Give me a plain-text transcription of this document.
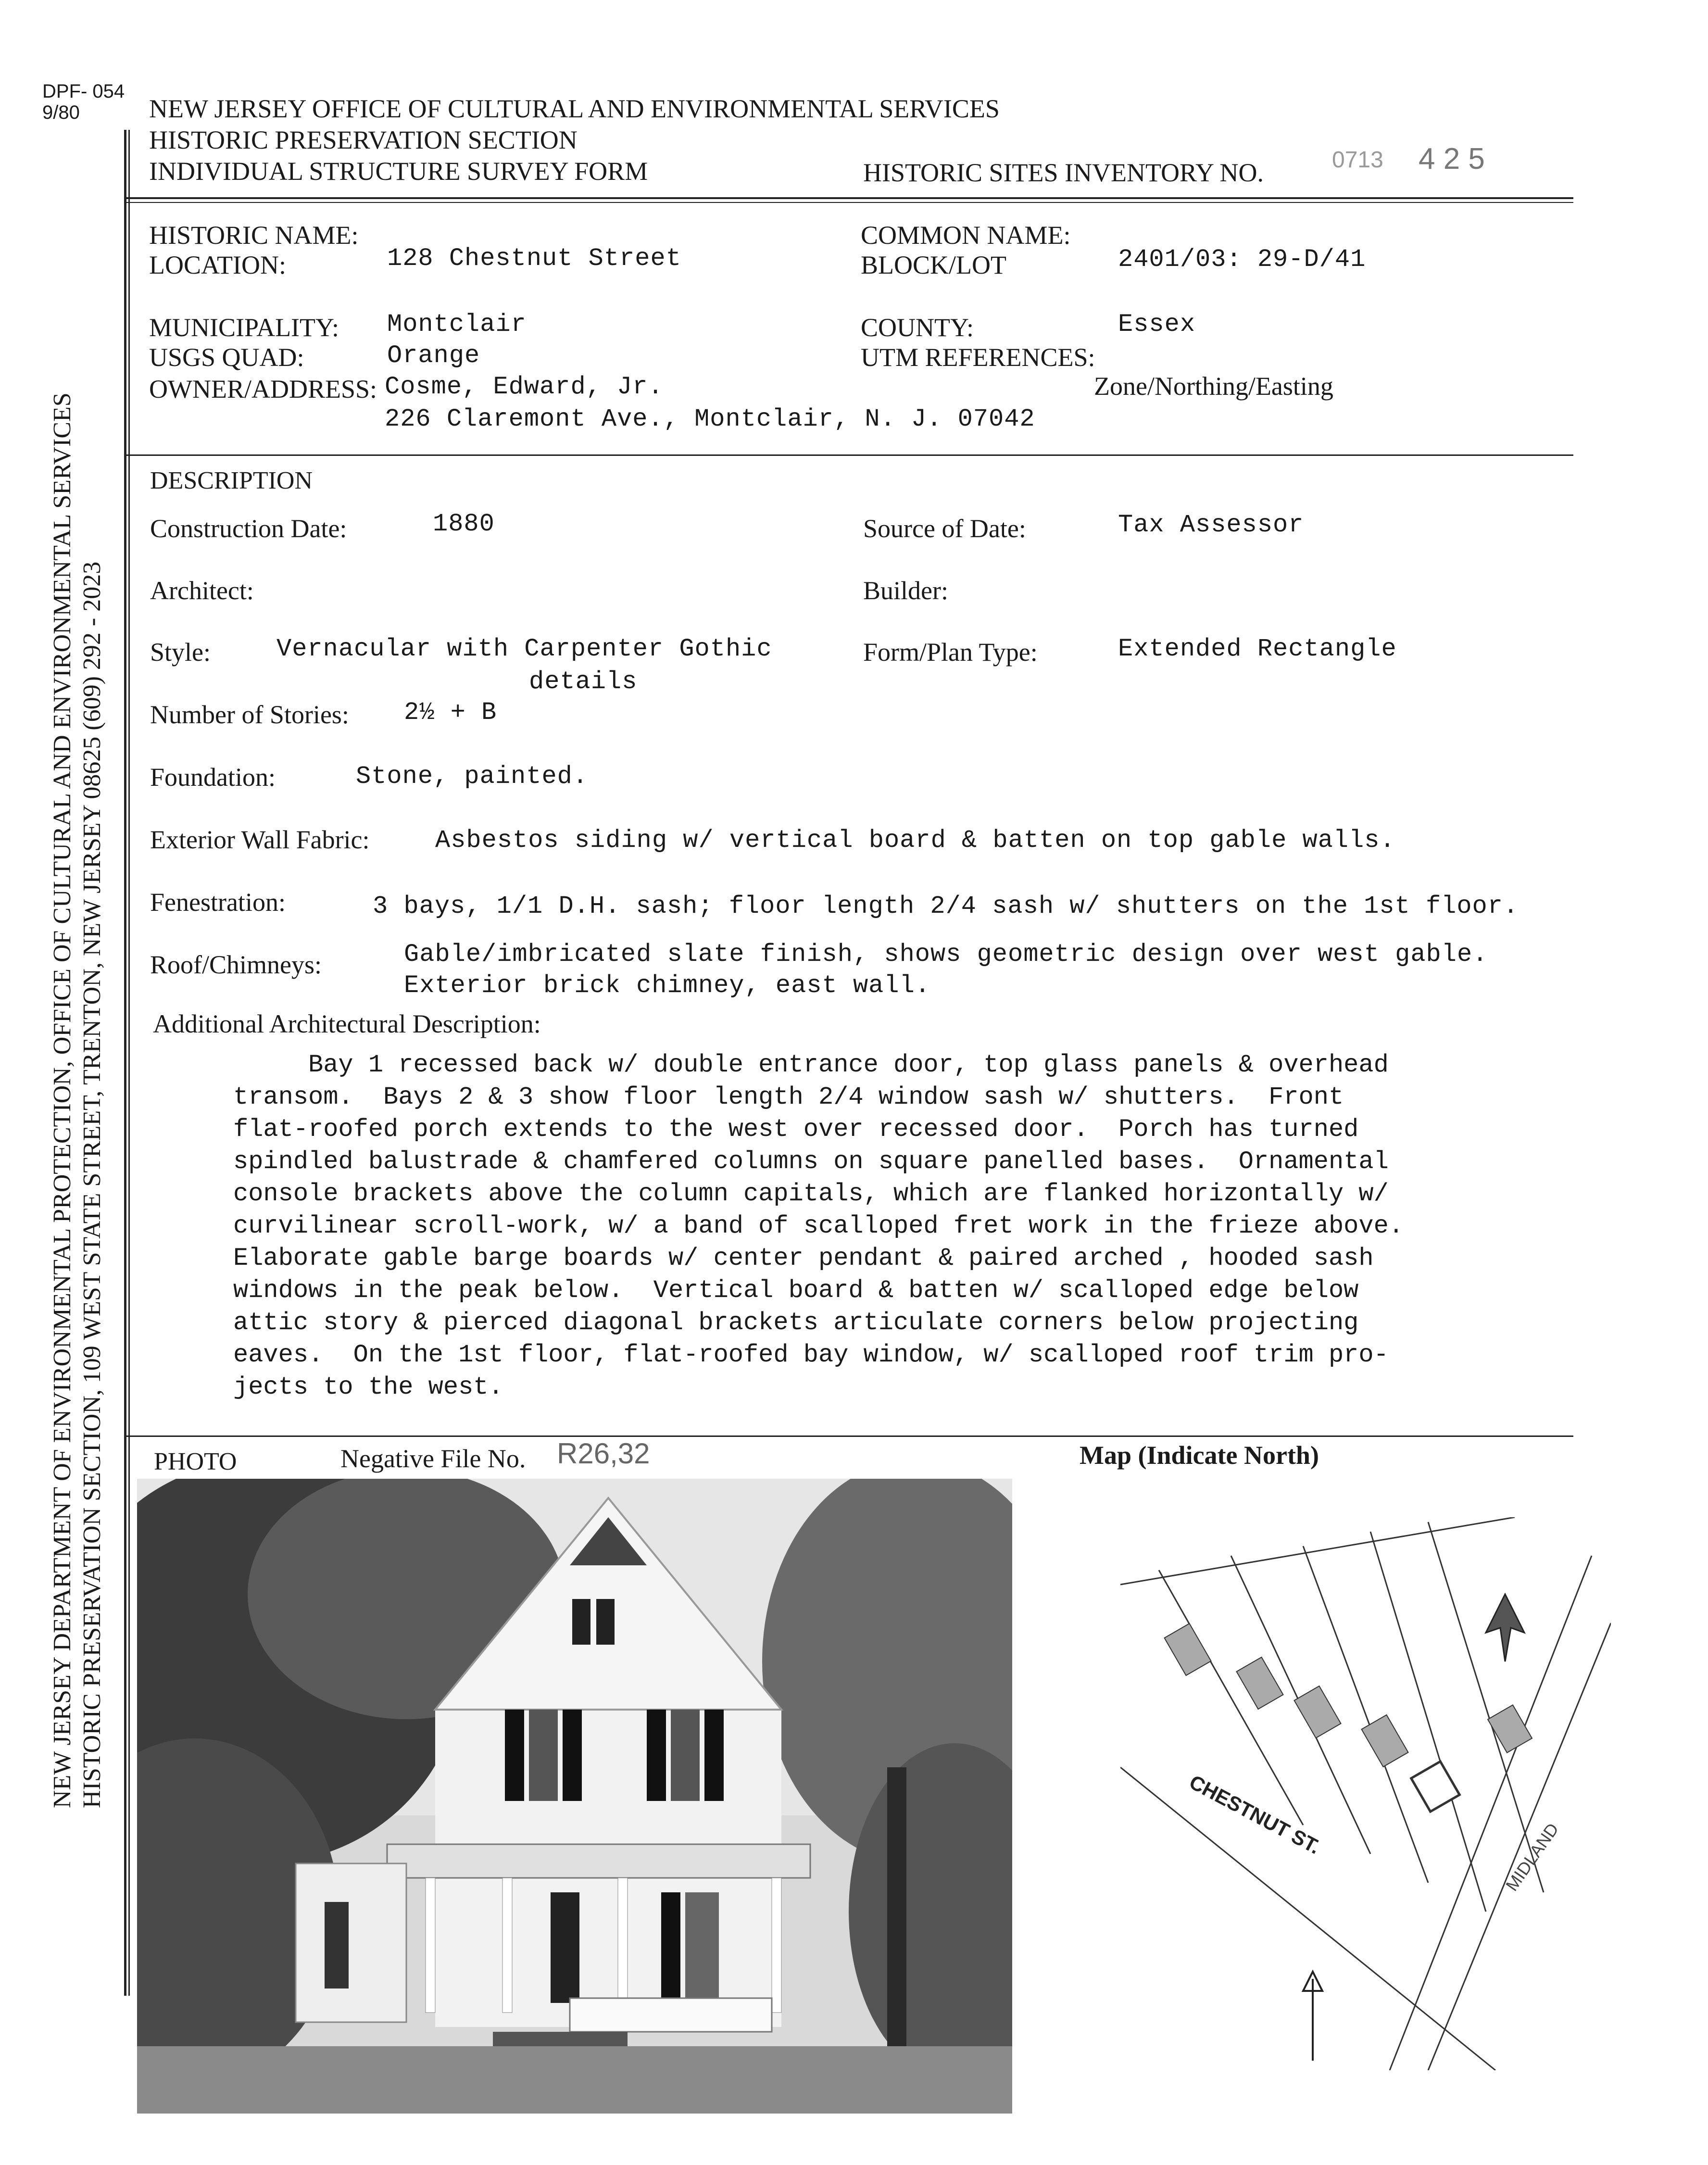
DPF- 054
9/80
NEW JERSEY DEPARTMENT OF ENVIRONMENTAL PROTECTION, OFFICE OF CULTURAL AND ENVIRONMENTAL SERVICES HISTORIC PRESERVATION SECTION, 109 WEST STATE STREET, TRENTON, NEW JERSEY 08625 (609) 292 - 2023
NEW JERSEY OFFICE OF CULTURAL AND ENVIRONMENTAL SERVICES
HISTORIC PRESERVATION SECTION
INDIVIDUAL STRUCTURE SURVEY FORM	HISTORIC SITES INVENTORY NO.	0713 4 2 5
HISTORIC NAME:
LOCATION:	128 Chestnut Street
COMMON NAME:
BLOCK/LOT	2401/03: 29-D/41
MUNICIPALITY: Montclair
USGS QUAD:	Orange
OWNER/ADDRESS: Cosme, Edward, Jr.
226 Claremont Ave., Montclair, N. J. 07042
COUNTY:	Essex
UTM REFERENCES:
Zone/Northing/Easting
DESCRIPTION
Construction Date:	1880	Source of Date:	Tax Assessor
Architect:	Builder:
Style:	Vernacular with Carpenter Gothic
details
Form/Plan Type:	Extended Rectangle
Number of Stories: 2½ + B
Foundation:	Stone, painted.
Exterior Wall Fabric:	Asbestos siding w/ vertical board & batten on top gable walls.
Fenestration:	3 bays, 1/1 D.H. sash; floor length 2/4 sash w/ shutters on the 1st floor.
Roof/Chimneys:	Gable/imbricated slate finish, shows geometric design over west gable.
Exterior brick chimney, east wall.
Additional Architectural Description:
Bay 1 recessed back w/ double entrance door, top glass panels & overhead
transom.  Bays 2 & 3 show floor length 2/4 window sash w/ shutters.  Front
flat-roofed porch extends to the west over recessed door.  Porch has turned
spindled balustrade & chamfered columns on square panelled bases.  Ornamental
console brackets above the column capitals, which are flanked horizontally w/
curvilinear scroll-work, w/ a band of scalloped fret work in the frieze above.
Elaborate gable barge boards w/ center pendant & paired arched , hooded sash
windows in the peak below.  Vertical board & batten w/ scalloped edge below
attic story & pierced diagonal brackets articulate corners below projecting
eaves.  On the 1st floor, flat-roofed bay window, w/ scalloped roof trim pro-
jects to the west.
PHOTO	Negative File No. R26,32	Map (Indicate North)
CHESTNUT ST.	MIDLAND
